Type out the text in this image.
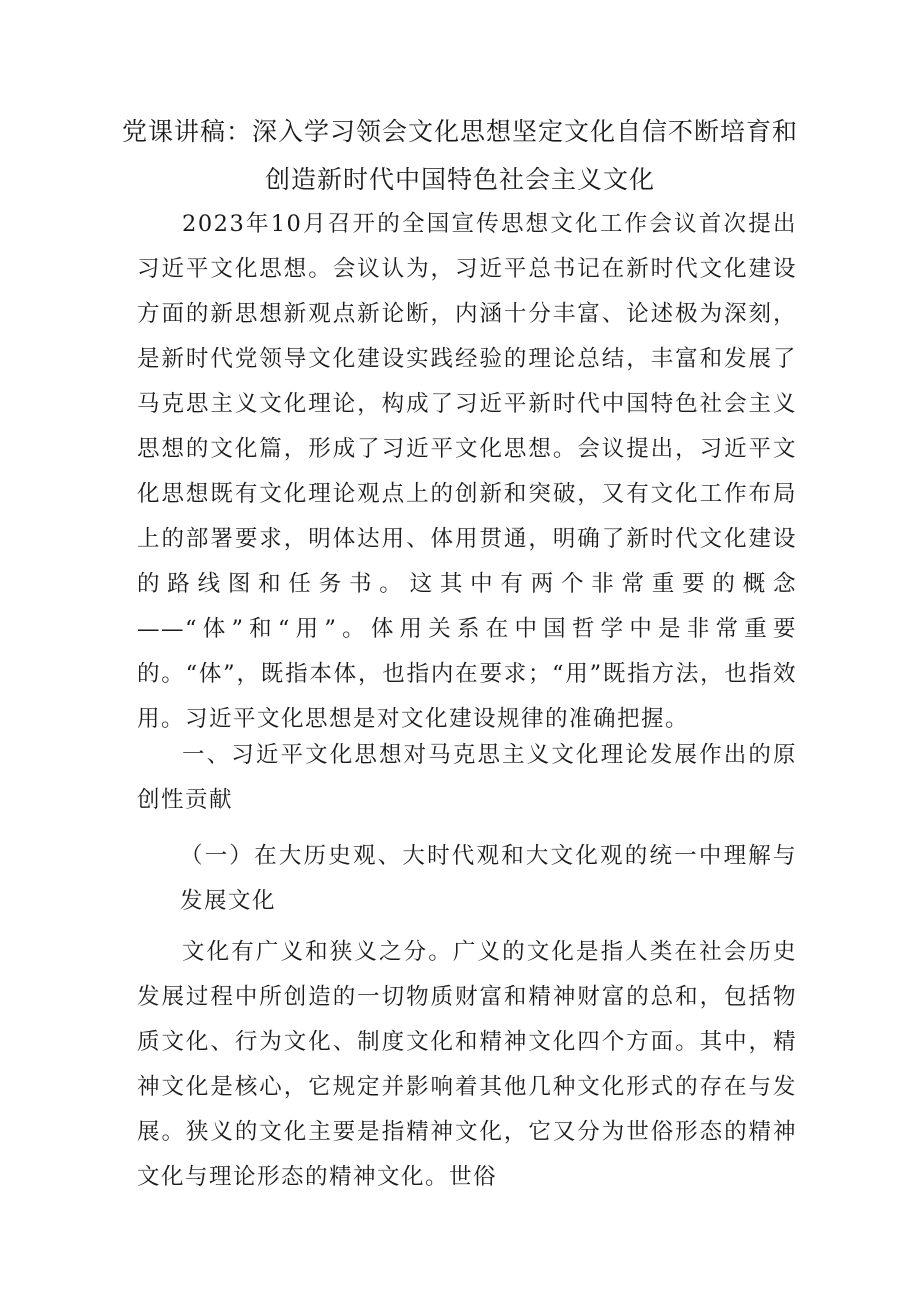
党课讲稿：深入学习领会文化思想坚定文化自信不断培育和
创造新时代中国特色社会主义文化

2023年10月召开的全国宣传思想文化工作会议首次提出习近平文化思想。会议认为，习近平总书记在新时代文化建设方面的新思想新观点新论断，内涵十分丰富、论述极为深刻，是新时代党领导文化建设实践经验的理论总结，丰富和发展了马克思主义文化理论，构成了习近平新时代中国特色社会主义思想的文化篇，形成了习近平文化思想。会议提出，习近平文化思想既有文化理论观点上的创新和突破，又有文化工作布局上的部署要求，明体达用、体用贯通，明确了新时代文化建设的路线图和任务书。这其中有两个非常重要的概念——“体”和“用”。体用关系在中国哲学中是非常重要的。“体”，既指本体，也指内在要求；“用”既指方法，也指效用。习近平文化思想是对文化建设规律的准确把握。

一、习近平文化思想对马克思主义文化理论发展作出的原创性贡献

（一）在大历史观、大时代观和大文化观的统一中理解与发展文化

文化有广义和狭义之分。广义的文化是指人类在社会历史发展过程中所创造的一切物质财富和精神财富的总和，包括物质文化、行为文化、制度文化和精神文化四个方面。其中，精神文化是核心，它规定并影响着其他几种文化形式的存在与发展。狭义的文化主要是指精神文化，它又分为世俗形态的精神文化与理论形态的精神文化。世俗
